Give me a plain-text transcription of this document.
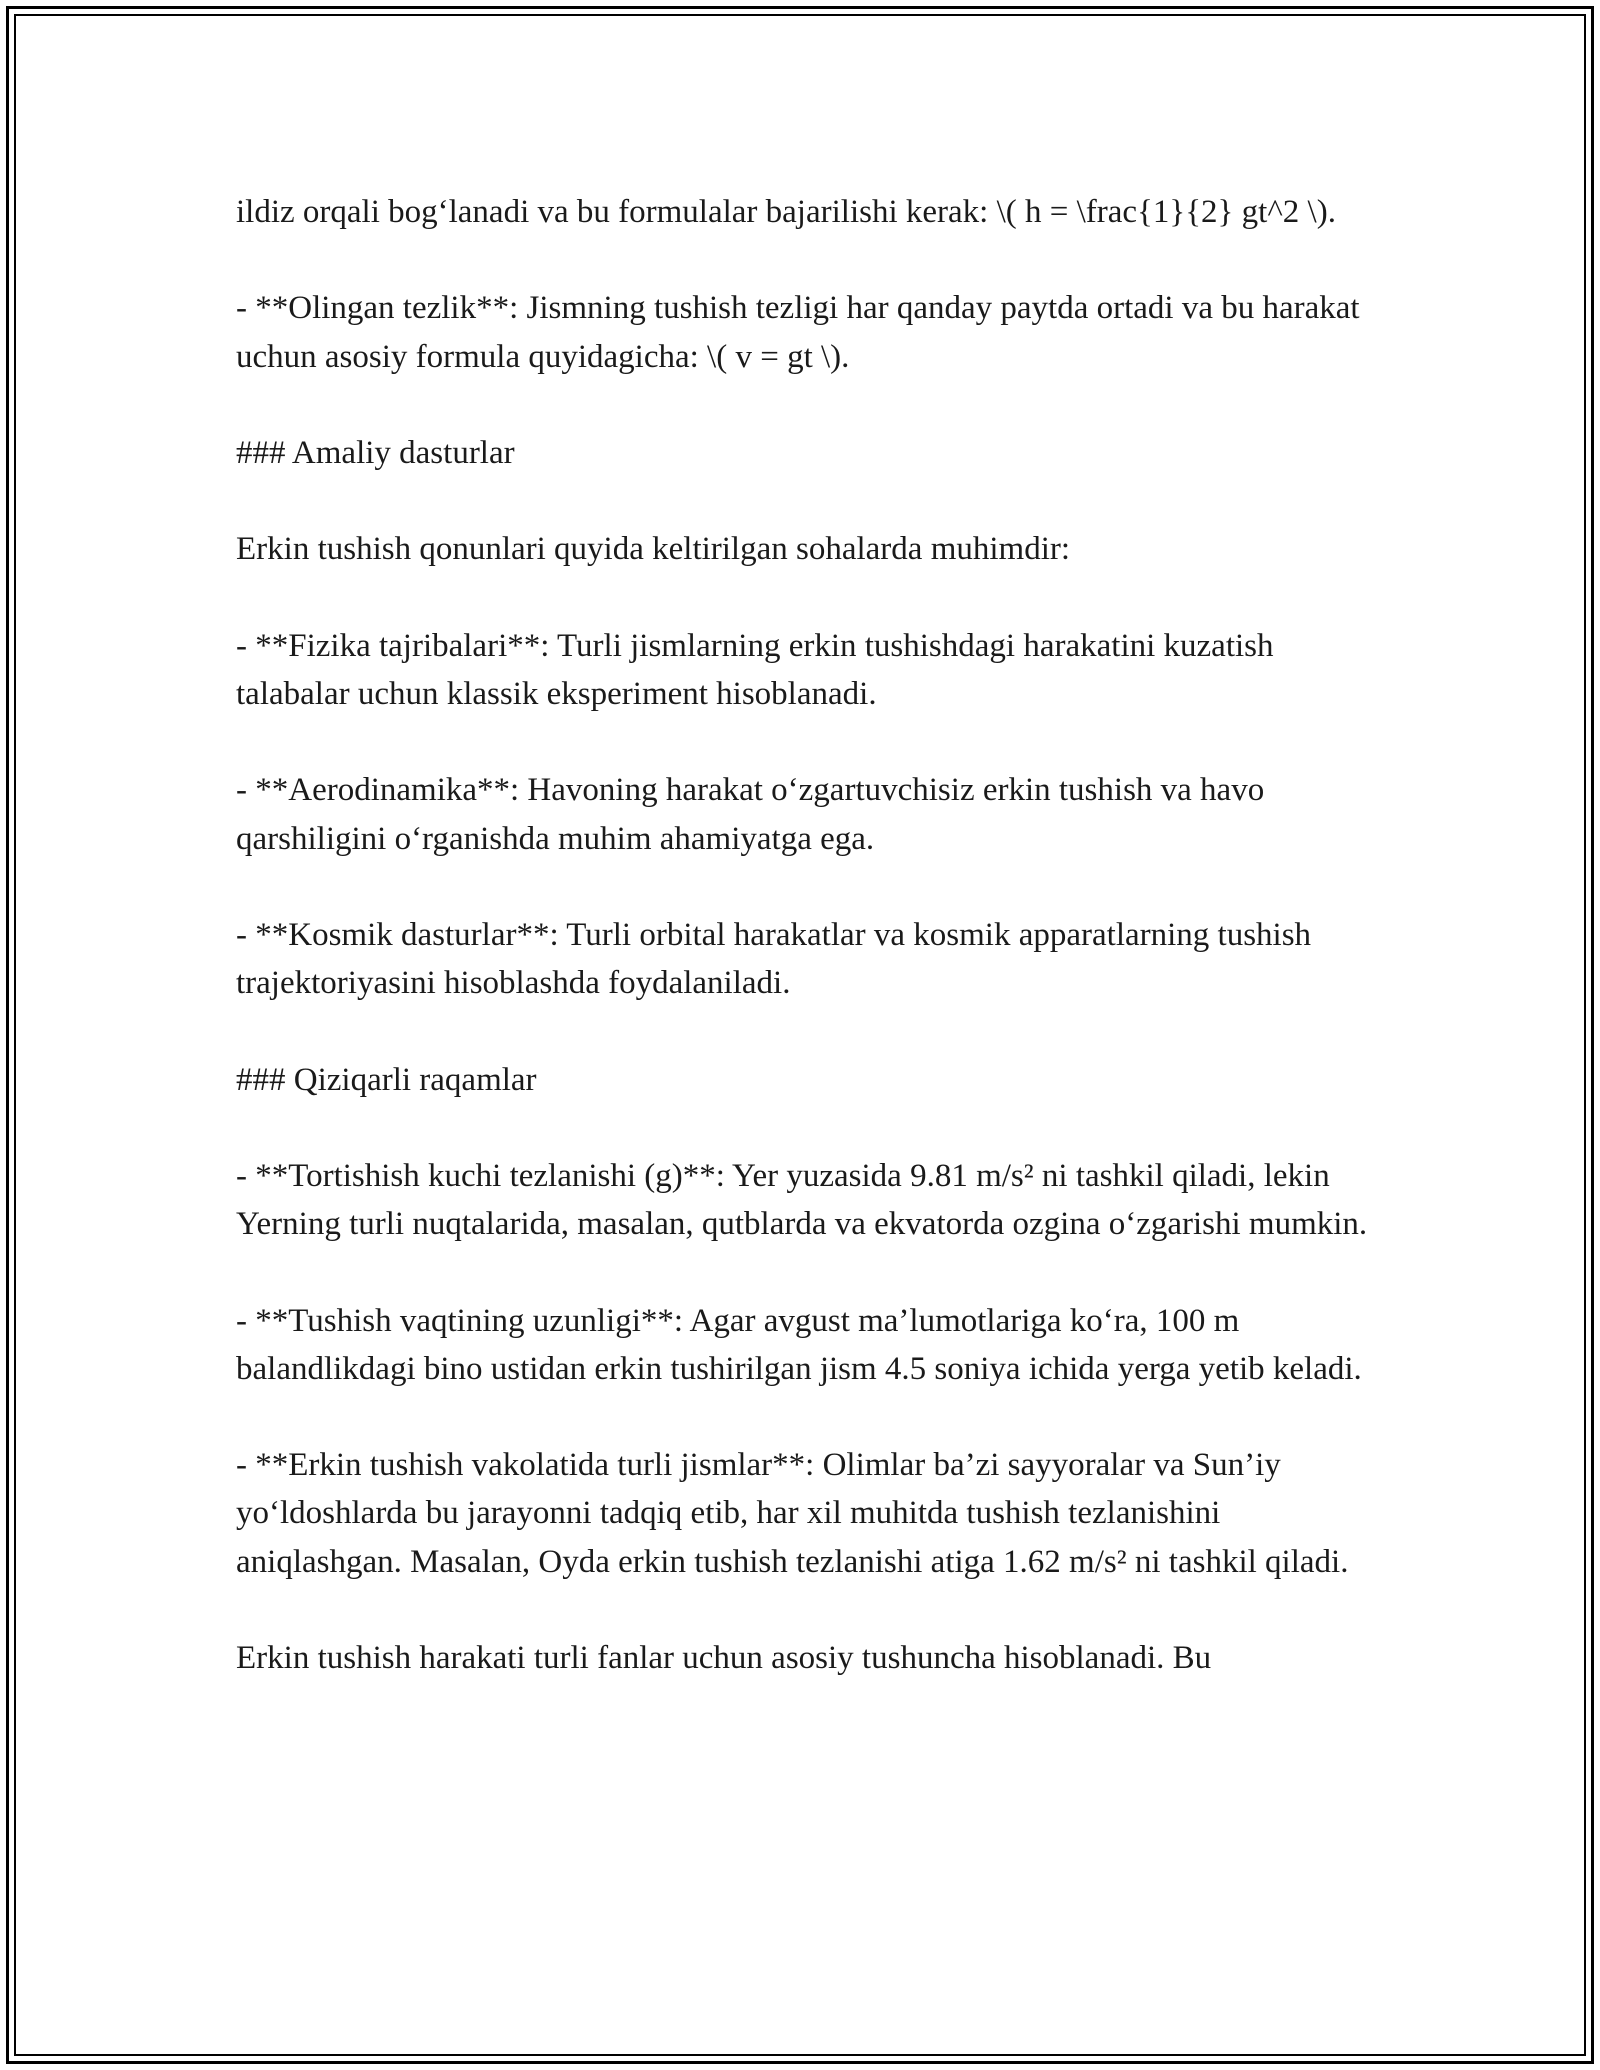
ildiz orqali bog‘lanadi va bu formulalar bajarilishi kerak: \( h = \frac{1}{2} gt^2 \).

- **Olingan tezlik**: Jismning tushish tezligi har qanday paytda ortadi va bu harakat uchun asosiy formula quyidagicha: \( v = gt \).

### Amaliy dasturlar

Erkin tushish qonunlari quyida keltirilgan sohalarda muhimdir:

- **Fizika tajribalari**: Turli jismlarning erkin tushishdagi harakatini kuzatish talabalar uchun klassik eksperiment hisoblanadi.

- **Aerodinamika**: Havoning harakat o‘zgartuvchisiz erkin tushish va havo qarshiligini o‘rganishda muhim ahamiyatga ega.

- **Kosmik dasturlar**: Turli orbital harakatlar va kosmik apparatlarning tushish trajektoriyasini hisoblashda foydalaniladi.

### Qiziqarli raqamlar

- **Tortishish kuchi tezlanishi (g)**: Yer yuzasida 9.81 m/s² ni tashkil qiladi, lekin Yerning turli nuqtalarida, masalan, qutblarda va ekvatorda ozgina o‘zgarishi mumkin.

- **Tushish vaqtining uzunligi**: Agar avgust ma’lumotlariga ko‘ra, 100 m balandlikdagi bino ustidan erkin tushirilgan jism 4.5 soniya ichida yerga yetib keladi.

- **Erkin tushish vakolatida turli jismlar**: Olimlar ba’zi sayyoralar va Sun’iy yo‘ldoshlarda bu jarayonni tadqiq etib, har xil muhitda tushish tezlanishini aniqlashgan. Masalan, Oyda erkin tushish tezlanishi atiga 1.62 m/s² ni tashkil qiladi.

Erkin tushish harakati turli fanlar uchun asosiy tushuncha hisoblanadi. Bu
